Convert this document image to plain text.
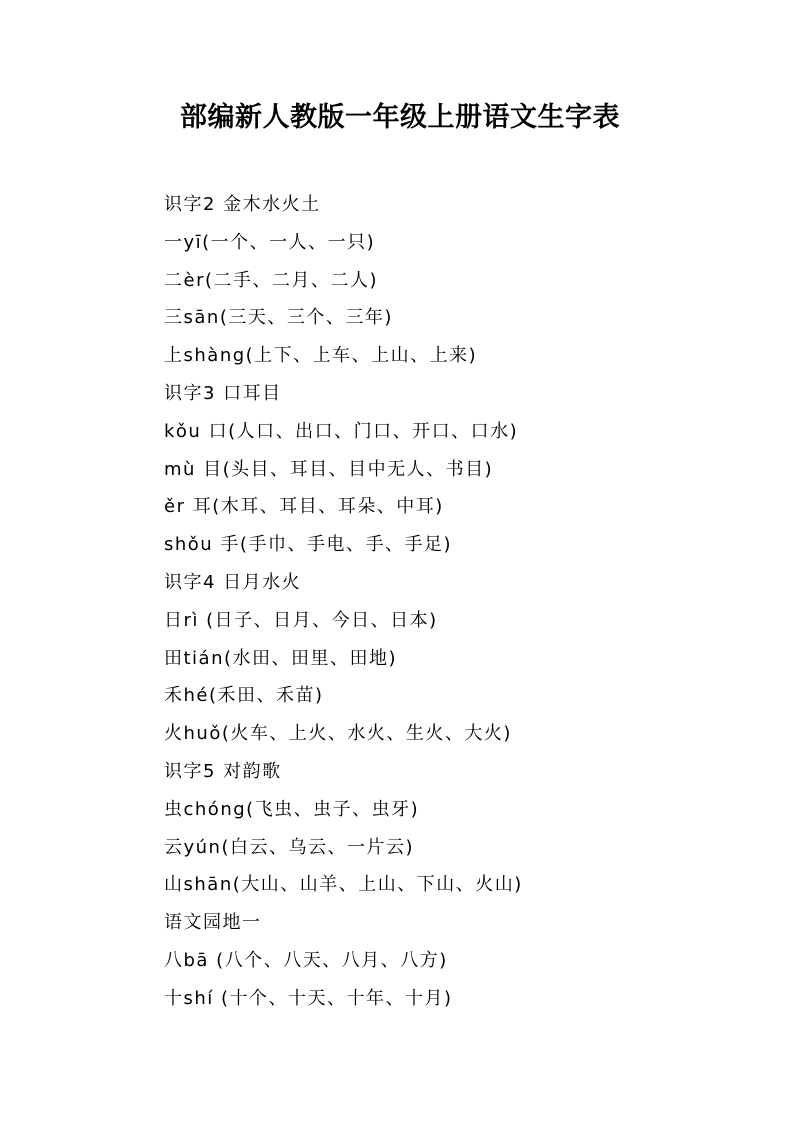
部编新人教版一年级上册语文生字表
识字2 金木水火土
一yī(一个、一人、一只)
二èr(二手、二月、二人)
三sān(三天、三个、三年)
上shàng(上下、上车、上山、上来)
识字3 口耳目
kǒu 口(人口、出口、门口、开口、口水)
mù 目(头目、耳目、目中无人、书目)
ěr 耳(木耳、耳目、耳朵、中耳)
shǒu 手(手巾、手电、手、手足)
识字4 日月水火
日rì (日子、日月、今日、日本)
田tián(水田、田里、田地)
禾hé(禾田、禾苗)
火huǒ(火车、上火、水火、生火、大火)
识字5 对韵歌
虫chóng(飞虫、虫子、虫牙)
云yún(白云、乌云、一片云)
山shān(大山、山羊、上山、下山、火山)
语文园地一
八bā (八个、八天、八月、八方)
十shí (十个、十天、十年、十月)
